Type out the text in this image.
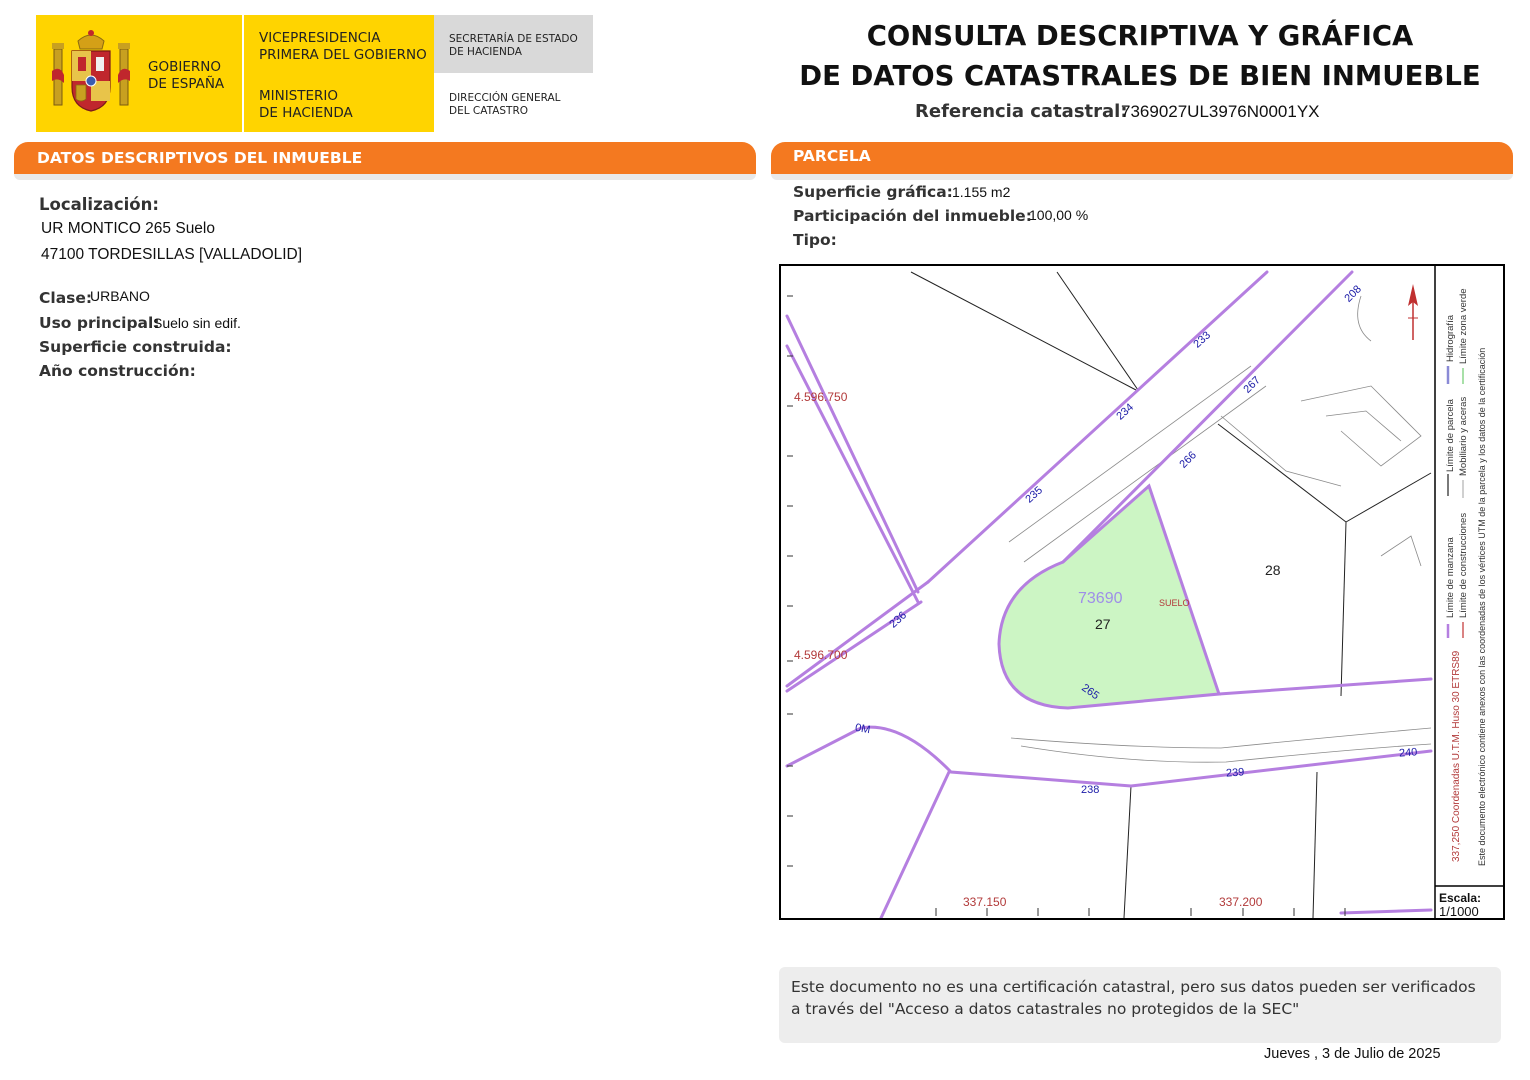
GOBIERNO
DE ESPAÑA
VICEPRESIDENCIA
PRIMERA DEL GOBIERNO
MINISTERIO
DE HACIENDA
SECRETARÍA DE ESTADO
DE HACIENDA
DIRECCIÓN GENERAL
DEL CATASTRO
CONSULTA DESCRIPTIVA Y GRÁFICA
DE DATOS CATASTRALES DE BIEN INMUEBLE
Referencia catastral:
7369027UL3976N0001YX
DATOS DESCRIPTIVOS DEL INMUEBLE	PARCELA
Localización:
UR MONTICO 265 Suelo
47100 TORDESILLAS [VALLADOLID]
Clase:
URBANO
Uso principal:
Suelo sin edif.
Superficie construida:
Año construcción:
Superficie gráfica: 1.155 m2
Participación del inmueble:
100,00 %
Tipo:
4.596.750
4.596.700
337.150	337.200
73690
27
28
SUELO
208
233
234
235
236
267
266
265
0M
238
239
240
Límite de manzana
Límite de parcela
Hidrografía
Límite de construcciones
Mobiliario y aceras
Límite zona verde
337,250 Coordenadas U.T.M. Huso 30 ETRS89 Este documento electrónico contiene anexos con las coordenadas de los vértices UTM de la parcela y los datos de la certificación
Escala:
1/1000
Este documento no es una certificación catastral, pero sus datos pueden ser verificados a través del "Acceso a datos catastrales no protegidos de la SEC"
Jueves , 3 de Julio de 2025
